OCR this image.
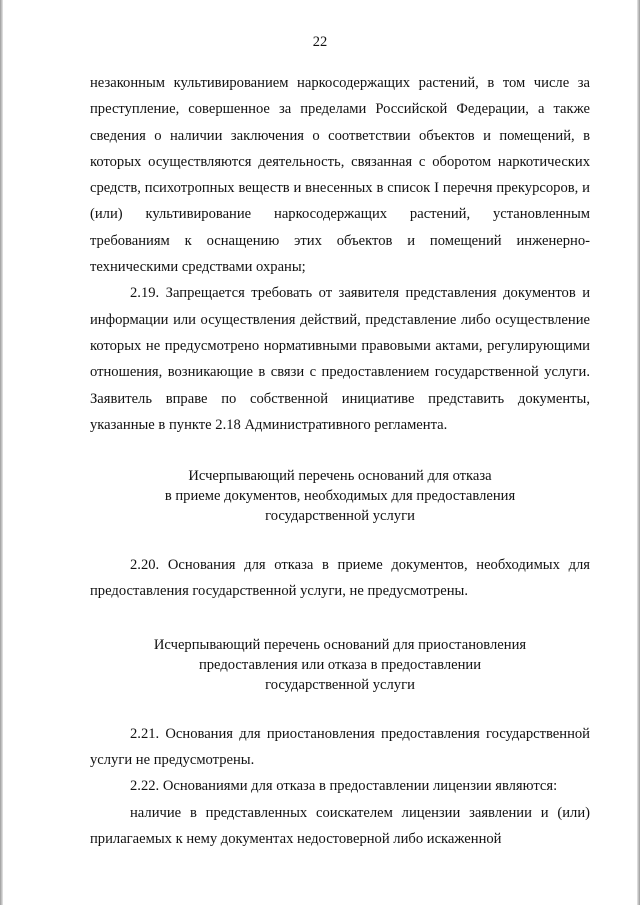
22

незаконным культивированием наркосодержащих растений, в том числе за преступление, совершенное за пределами Российской Федерации, а также сведения о наличии заключения о соответствии объектов и помещений, в которых осуществляются деятельность, связанная с оборотом наркотических средств, психотропных веществ и внесенных в список I перечня прекурсоров, и (или) культивирование наркосодержащих растений, установленным требованиям к оснащению этих объектов и помещений инженерно-техническими средствами охраны;

2.19. Запрещается требовать от заявителя представления документов и информации или осуществления действий, представление либо осуществление которых не предусмотрено нормативными правовыми актами, регулирующими отношения, возникающие в связи с предоставлением государственной услуги. Заявитель вправе по собственной инициативе представить документы, указанные в пункте 2.18 Административного регламента.

Исчерпывающий перечень оснований для отказа
в приеме документов, необходимых для предоставления
государственной услуги

2.20. Основания для отказа в приеме документов, необходимых для предоставления государственной услуги, не предусмотрены.

Исчерпывающий перечень оснований для приостановления
предоставления или отказа в предоставлении
государственной услуги

2.21. Основания для приостановления предоставления государственной услуги не предусмотрены.

2.22. Основаниями для отказа в предоставлении лицензии являются:

наличие в представленных соискателем лицензии заявлении и (или) прилагаемых к нему документах недостоверной либо искаженной
